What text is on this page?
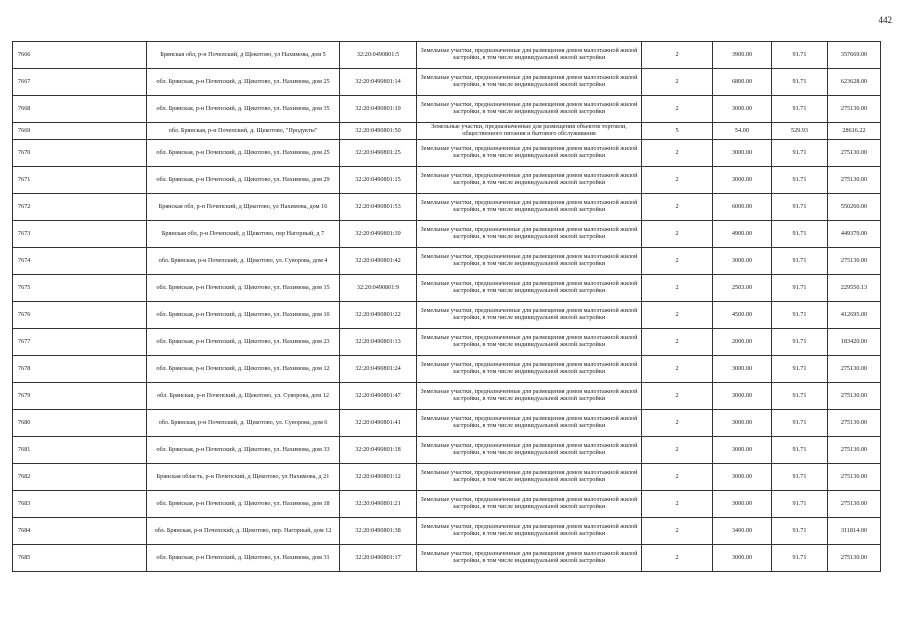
442
7666	Брянская обл, р-н Почепский, д Щекотово, ул Нахимова, дом 5	32:20:0490801:5	Земельные участки, предназначенные для размещения домов малоэтажной жилой застройки, в том числе индивидуальной жилой застройки	2	3900.00	91.71	357669.00
7667	обл. Брянская, р-н Почепский, д. Щекотово, ул. Нахимова, дом 25	32:20:0490801:14	Земельные участки, предназначенные для размещения домов малоэтажной жилой застройки, в том числе индивидуальной жилой застройки	2	6800.00	91.71	623628.00
7668	обл. Брянская, р-н Почепский, д. Щекотово, ул. Нахимова, дом 35	32:20:0490801:19	Земельные участки, предназначенные для размещения домов малоэтажной жилой застройки, в том числе индивидуальной жилой застройки	2	3000.00	91.71	275130.00
7669	обл. Брянская, р-н Почепский, д. Щекотово, "Продукты"	32:20:0490801:50	Земельные участки, предназначенные для размещения объектов торговли, общественного питания и бытового обслуживания	5	54.00	529.93	28616.22
7670	обл. Брянская, р-н Почепский, д. Щекотово, ул. Нахимова, дом 25	32:20:0490801:25	Земельные участки, предназначенные для размещения домов малоэтажной жилой застройки, в том числе индивидуальной жилой застройки	2	3000.00	91.71	275130.00
7671	обл. Брянская, р-н Почепский, д. Щекотово, ул. Нахимова, дом 29	32:20:0490801:15	Земельные участки, предназначенные для размещения домов малоэтажной жилой застройки, в том числе индивидуальной жилой застройки	2	3000.00	91.71	275130.00
7672	Брянская обл, р-н Почепский, д Щекотово, ул Нахимова, дом 16	32:20:0490801:53	Земельные участки, предназначенные для размещения домов малоэтажной жилой застройки, в том числе индивидуальной жилой застройки	2	6000.00	91.71	550260.00
7673	Брянская обл, р-н Почепский, д Щекотово, пер Нагорный, д 7	32:20:0490801:39	Земельные участки, предназначенные для размещения домов малоэтажной жилой застройки, в том числе индивидуальной жилой застройки	2	4900.00	91.71	449379.00
7674	обл. Брянская, р-н Почепский, д. Щекотово, ул. Суворова, дом 4	32:20:0490801:42	Земельные участки, предназначенные для размещения домов малоэтажной жилой застройки, в том числе индивидуальной жилой застройки	2	3000.00	91.71	275130.00
7675	обл. Брянская, р-н Почепский, д. Щекотово, ул. Нахимова, дом 15	32:20:0490801:9	Земельные участки, предназначенные для размещения домов малоэтажной жилой застройки, в том числе индивидуальной жилой застройки	2	2503.00	91.71	229550.13
7676	обл. Брянская, р-н Почепский, д. Щекотово, ул. Нахимова, дом 10	32:20:0490801:22	Земельные участки, предназначенные для размещения домов малоэтажной жилой застройки, в том числе индивидуальной жилой застройки	2	4500.00	91.71	412695.00
7677	обл. Брянская, р-н Почепский, д. Щекотово, ул. Нахимова, дом 23	32:20:0490801:13	Земельные участки, предназначенные для размещения домов малоэтажной жилой застройки, в том числе индивидуальной жилой застройки	2	2000.00	91.71	183420.00
7678	обл. Брянская, р-н Почепский, д. Щекотово, ул. Нахимова, дом 12	32:20:0490801:24	Земельные участки, предназначенные для размещения домов малоэтажной жилой застройки, в том числе индивидуальной жилой застройки	2	3000.00	91.71	275130.00
7679	обл. Брянская, р-н Почепский, д. Щекотово, ул. Суворова, дом 12	32:20:0490801:47	Земельные участки, предназначенные для размещения домов малоэтажной жилой застройки, в том числе индивидуальной жилой застройки	2	3000.00	91.71	275130.00
7680	обл. Брянская, р-н Почепский, д. Щекотово, ул. Суворова, дом 6	32:20:0490801:41	Земельные участки, предназначенные для размещения домов малоэтажной жилой застройки, в том числе индивидуальной жилой застройки	2	3000.00	91.71	275130.00
7681	обл. Брянская, р-н Почепский, д. Щекотово, ул. Нахимова, дом 33	32:20:0490801:18	Земельные участки, предназначенные для размещения домов малоэтажной жилой застройки, в том числе индивидуальной жилой застройки	2	3000.00	91.71	275130.00
7682	Брянская область, р-н Почепский, д Щекотово, ул Нахимова, д 21	32:20:0490801:12	Земельные участки, предназначенные для размещения домов малоэтажной жилой застройки, в том числе индивидуальной жилой застройки	2	3000.00	91.71	275130.00
7683	обл. Брянская, р-н Почепский, д. Щекотово, ул. Нахимова, дом 18	32:20:0490801:21	Земельные участки, предназначенные для размещения домов малоэтажной жилой застройки, в том числе индивидуальной жилой застройки	2	3000.00	91.71	275130.00
7684	обл. Брянская, р-н Почепский, д. Щекотово, пер. Нагорный, дом 12	32:20:0490801:38	Земельные участки, предназначенные для размещения домов малоэтажной жилой застройки, в том числе индивидуальной жилой застройки	2	3400.00	91.71	311814.00
7685	обл. Брянская, р-н Почепский, д. Щекотово, ул. Нахимова, дом 31	32:20:0490801:17	Земельные участки, предназначенные для размещения домов малоэтажной жилой застройки, в том числе индивидуальной жилой застройки	2	3000.00	91.71	275130.00
